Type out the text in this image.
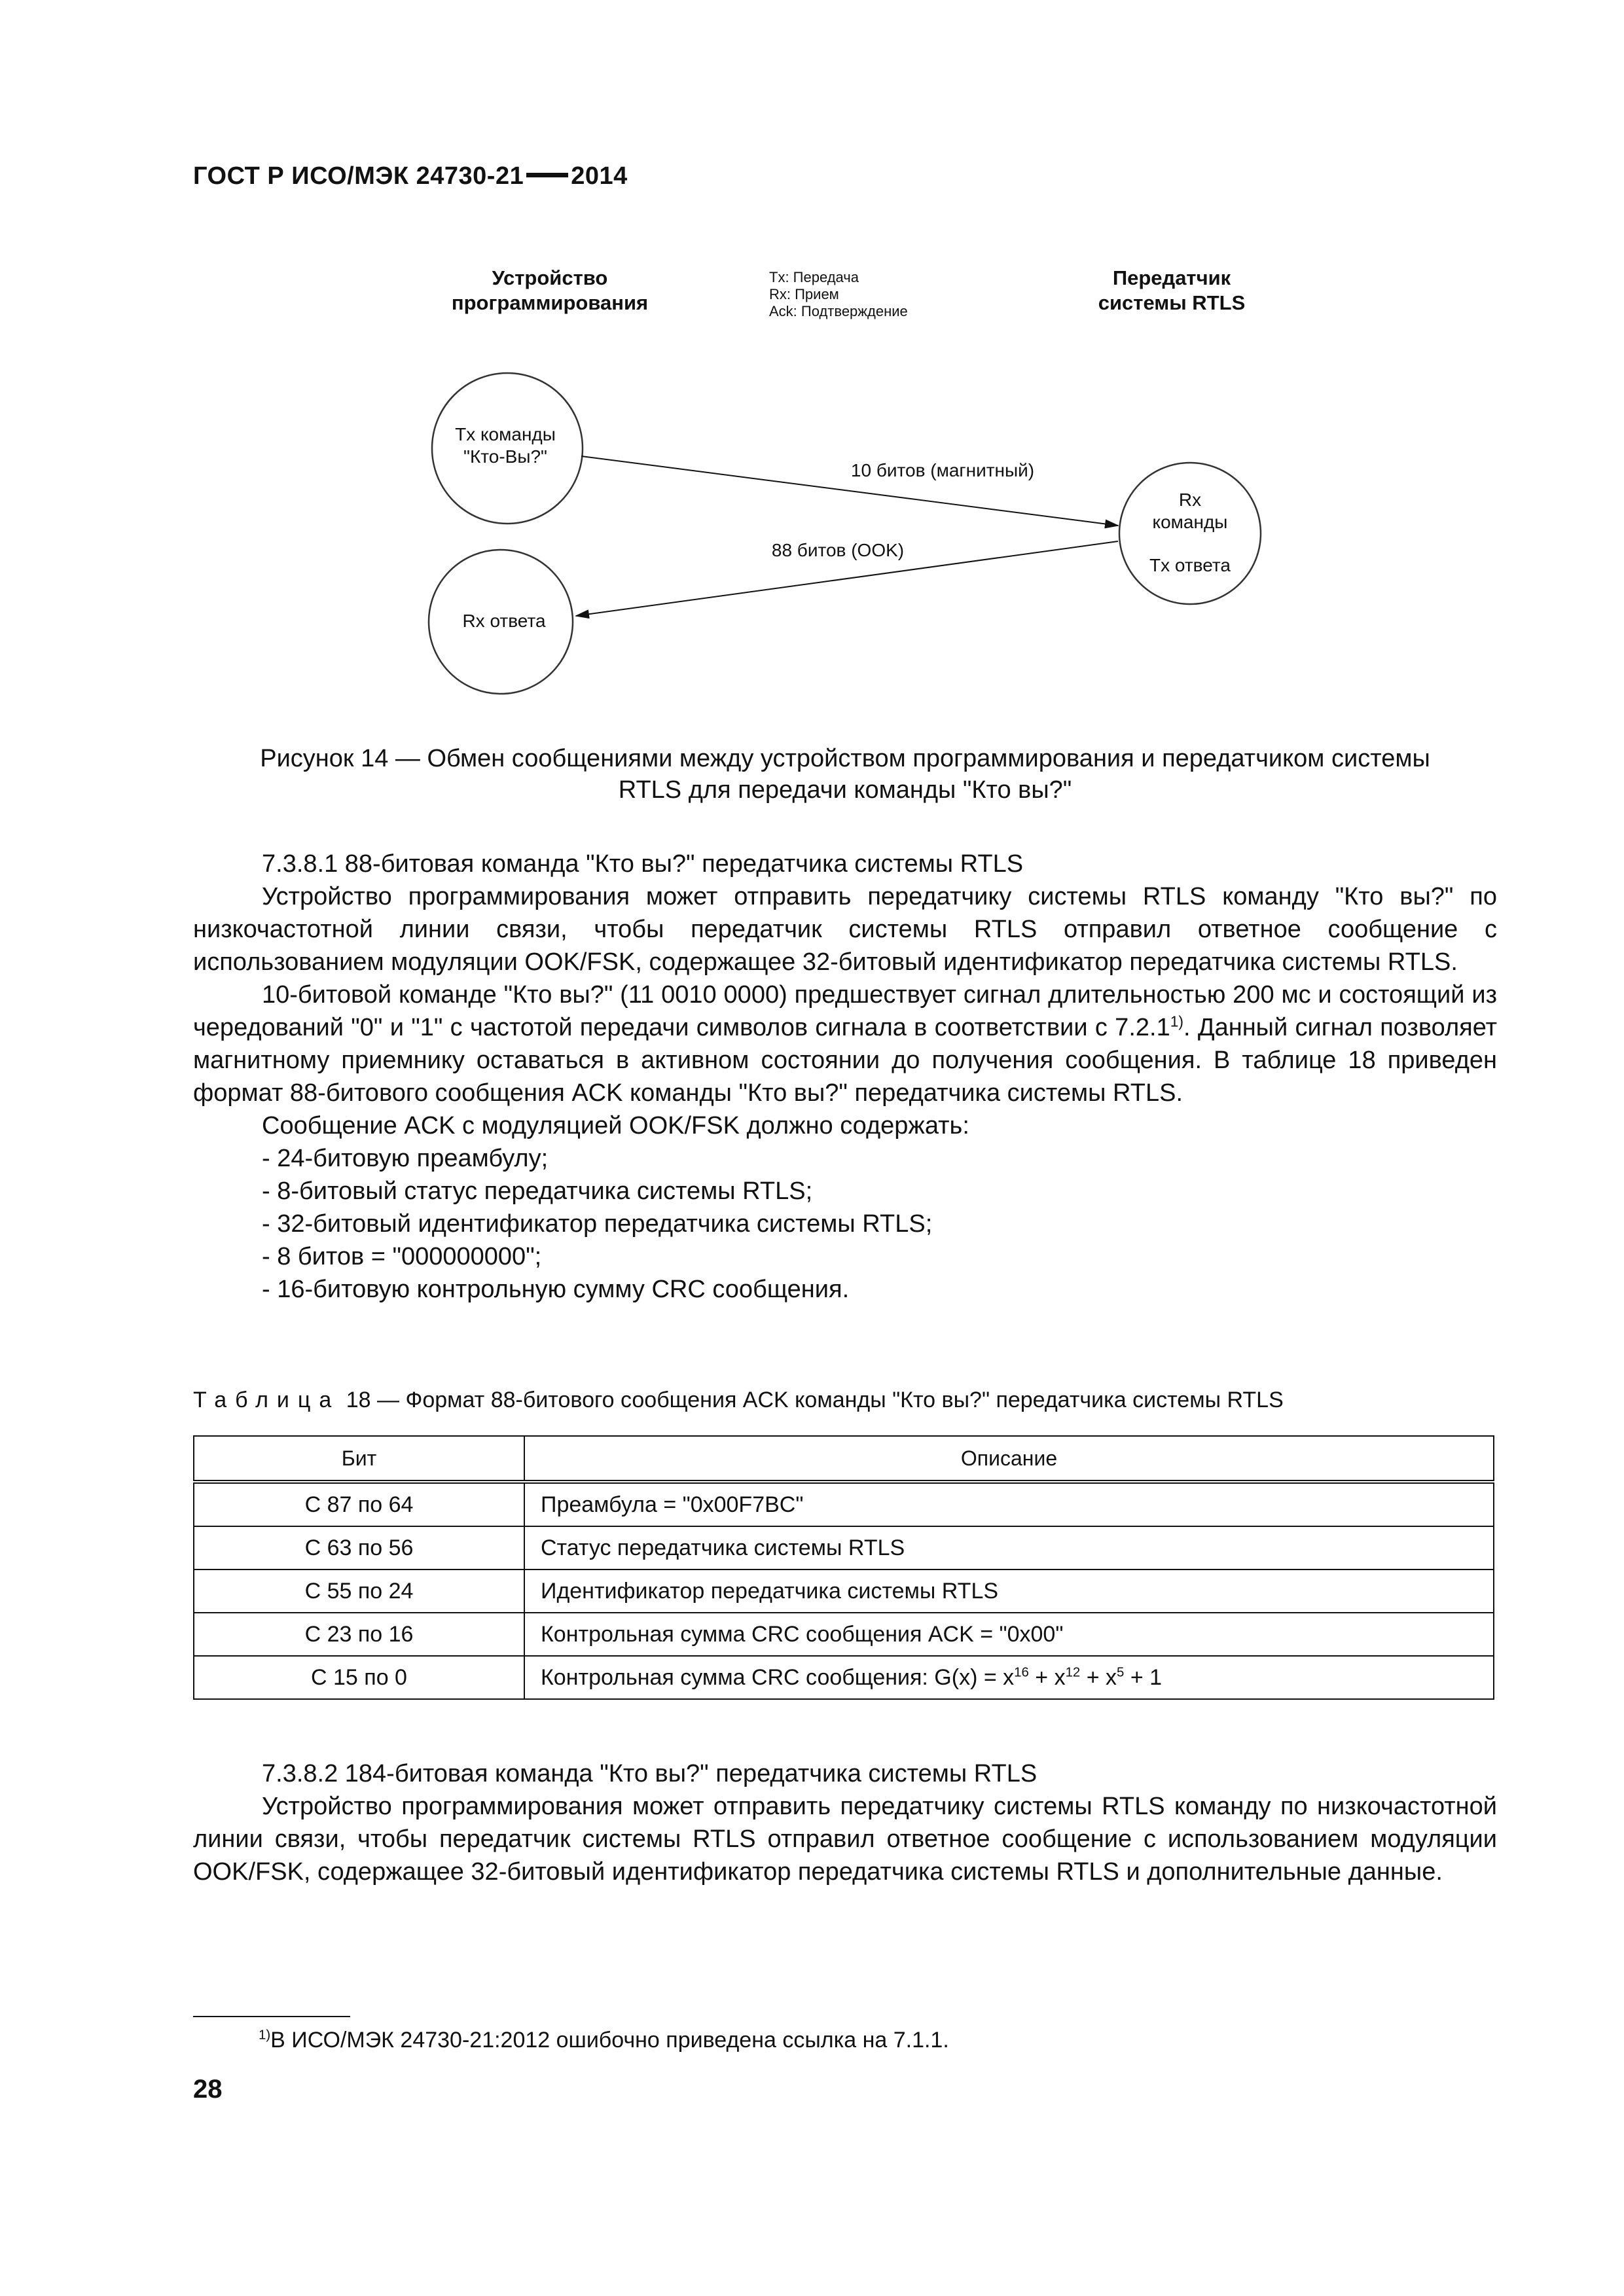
ГОСТ Р ИСО/МЭК 24730-21 2014
Устройство
программирования
Tx: Передача
Rx: Прием
Ack: Подтверждение
Передатчик
системы RTLS
Tx команды
"Кто-Вы?"
Rx ответа
Rx
команды
Tx ответа
10 битов (магнитный)
88 битов (OOK)
Рисунок 14 — Обмен сообщениями между устройством программирования и передатчиком системы
RTLS для передачи команды "Кто вы?"

7.3.8.1 88-битовая команда "Кто вы?" передатчика системы RTLS

Устройство программирования может отправить передатчику системы RTLS команду "Кто вы?" по низкочастотной линии связи, чтобы передатчик системы RTLS отправил ответное сообщение с использованием модуляции OOK/FSK, содержащее 32-битовый идентификатор передатчика системы RTLS.

10-битовой команде "Кто вы?" (11 0010 0000) предшествует сигнал длительностью 200 мс и состоящий из чередований "0" и "1" с частотой передачи символов сигнала в соответствии с 7.2.1$^{1)}$. Данный сигнал позволяет магнитному приемнику оставаться в активном состоянии до получения сообщения. В таблице 18 приведен формат 88-битового сообщения ACK команды "Кто вы?" передатчика системы RTLS.

Сообщение ACK с модуляцией OOK/FSK должно содержать:

- 24-битовую преамбулу;

- 8-битовый статус передатчика системы RTLS;

- 32-битовый идентификатор передатчика системы RTLS;

- 8 битов = "000000000";

- 16-битовую контрольную сумму CRC сообщения.

Таблица 18 — Формат 88-битового сообщения ACK команды "Кто вы?" передатчика системы RTLS
Бит	Описание
С 87 по 64	Преамбула = "0x00F7BC"
С 63 по 56	Статус передатчика системы RTLS
С 55 по 24	Идентификатор передатчика системы RTLS
С 23 по 16	Контрольная сумма CRC сообщения ACK = "0x00"
С 15 по 0	Контрольная сумма CRC сообщения: $G(x) = x^{16} + x^{12} + x^5 + 1$

7.3.8.2 184-битовая команда "Кто вы?" передатчика системы RTLS

Устройство программирования может отправить передатчику системы RTLS команду по низкочастотной линии связи, чтобы передатчик системы RTLS отправил ответное сообщение с использованием модуляции OOK/FSK, содержащее 32-битовый идентификатор передатчика системы RTLS и дополнительные данные.

$^{1)}$В ИСО/МЭК 24730-21:2012 ошибочно приведена ссылка на 7.1.1.
28
